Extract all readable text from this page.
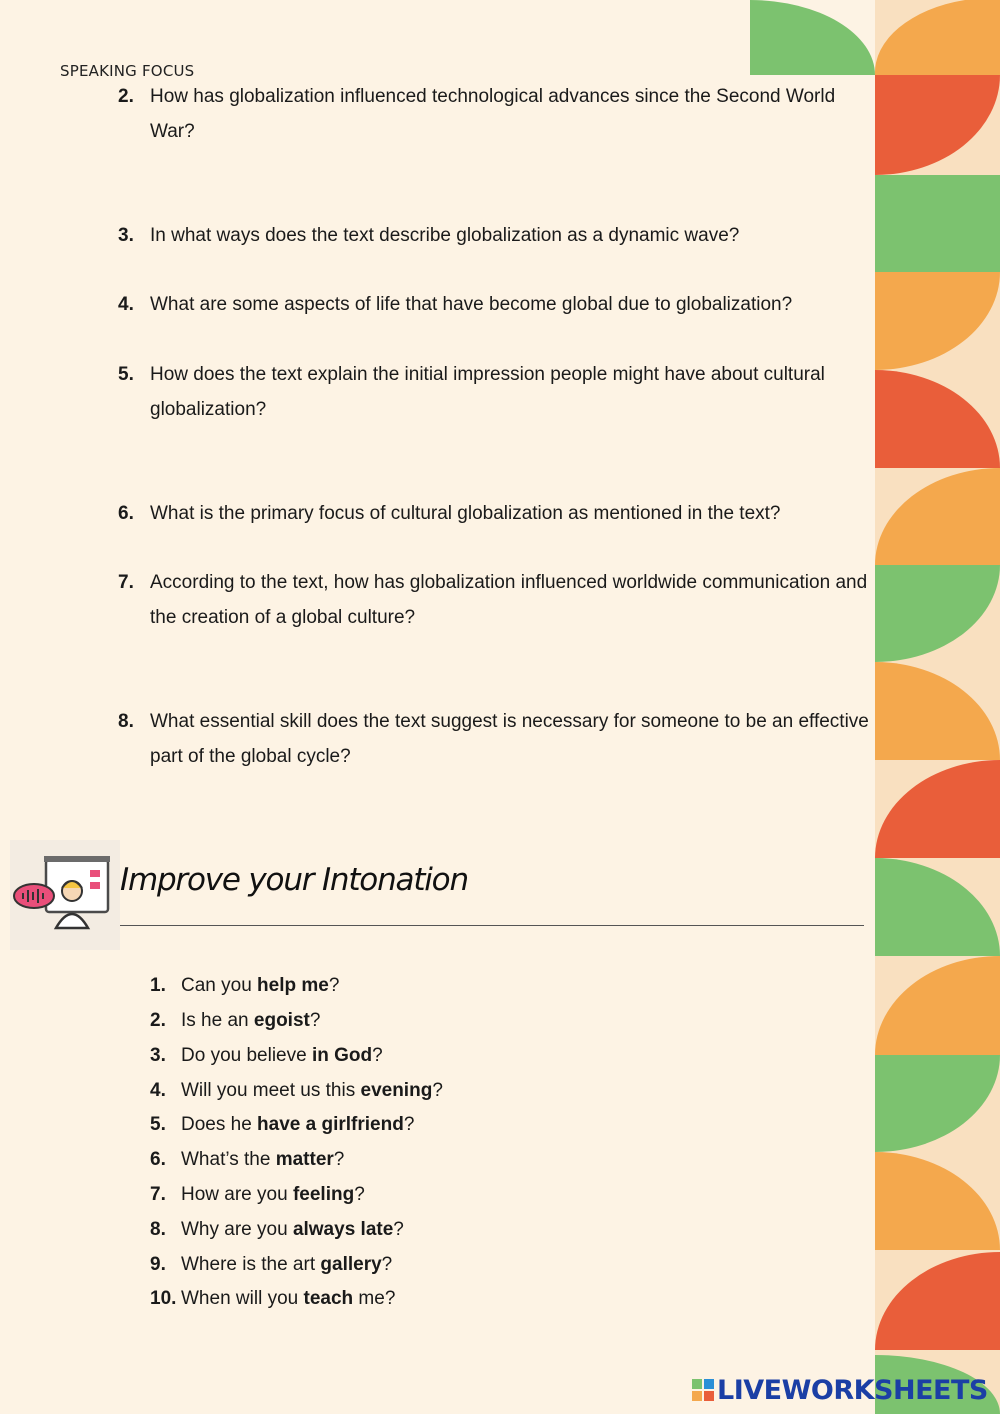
SPEAKING FOCUS
2. How has globalization influenced technological advances since the Second World War?
3. In what ways does the text describe globalization as a dynamic wave?
4. What are some aspects of life that have become global due to globalization?
5. How does the text explain the initial impression people might have about cultural globalization?
6. What is the primary focus of cultural globalization as mentioned in the text?
7. According to the text, how has globalization influenced worldwide communication and the creation of a global culture?
8. What essential skill does the text suggest is necessary for someone to be an effective part of the global cycle?
Improve your Intonation
1. Can you help me?
2. Is he an egoist?
3. Do you believe in God?
4. Will you meet us this evening?
5. Does he have a girlfriend?
6. What’s the matter?
7. How are you feeling?
8. Why are you always late?
9. Where is the art gallery?
10. When will you teach me?
LIVEWORKSHEETS
